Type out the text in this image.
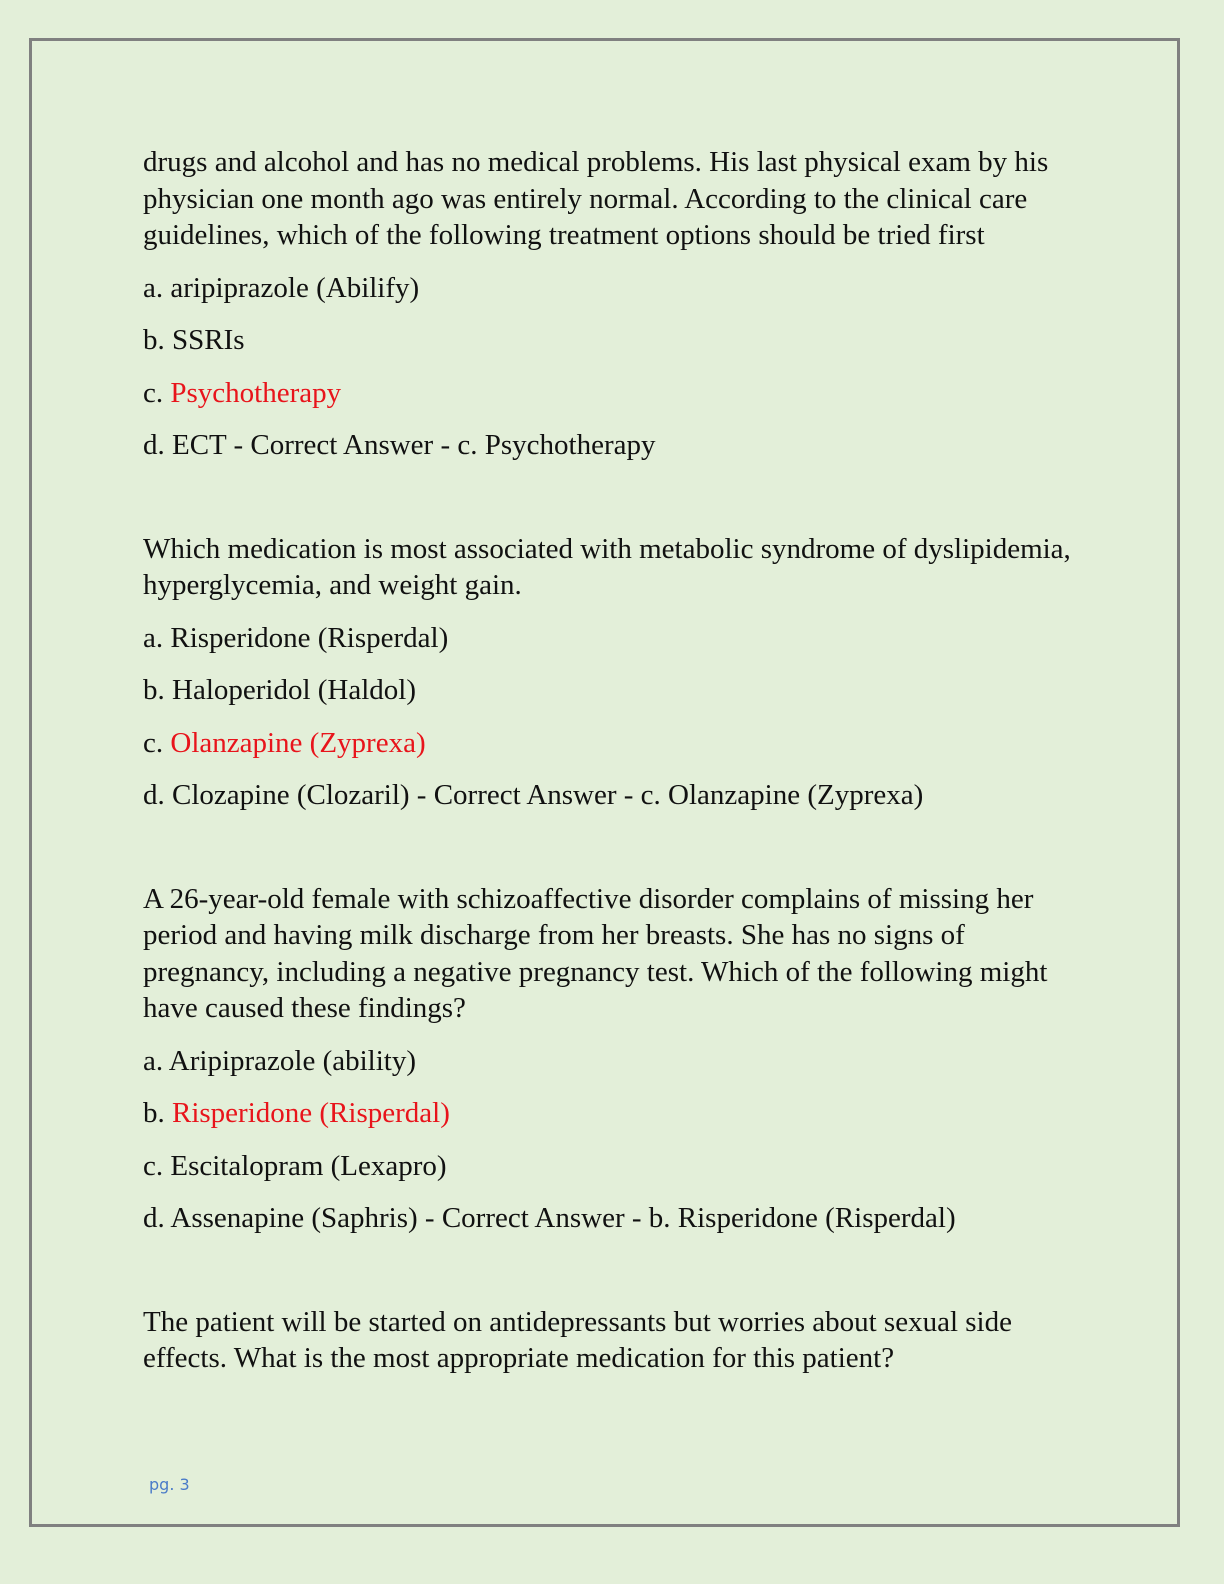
drugs and alcohol and has no medical problems. His last physical exam by his physician one month ago was entirely normal. According to the clinical care guidelines, which of the following treatment options should be tried first

a. aripiprazole (Abilify)

b. SSRIs

c. Psychotherapy

d. ECT - Correct Answer - c. Psychotherapy

Which medication is most associated with metabolic syndrome of dyslipidemia, hyperglycemia, and weight gain.

a. Risperidone (Risperdal)

b. Haloperidol (Haldol)

c. Olanzapine (Zyprexa)

d. Clozapine (Clozaril) - Correct Answer - c. Olanzapine (Zyprexa)

A 26-year-old female with schizoaffective disorder complains of missing her period and having milk discharge from her breasts. She has no signs of pregnancy, including a negative pregnancy test. Which of the following might have caused these findings?

a. Aripiprazole (ability)

b. Risperidone (Risperdal)

c. Escitalopram (Lexapro)

d. Assenapine (Saphris) - Correct Answer - b. Risperidone (Risperdal)

The patient will be started on antidepressants but worries about sexual side effects. What is the most appropriate medication for this patient?

pg. 3
